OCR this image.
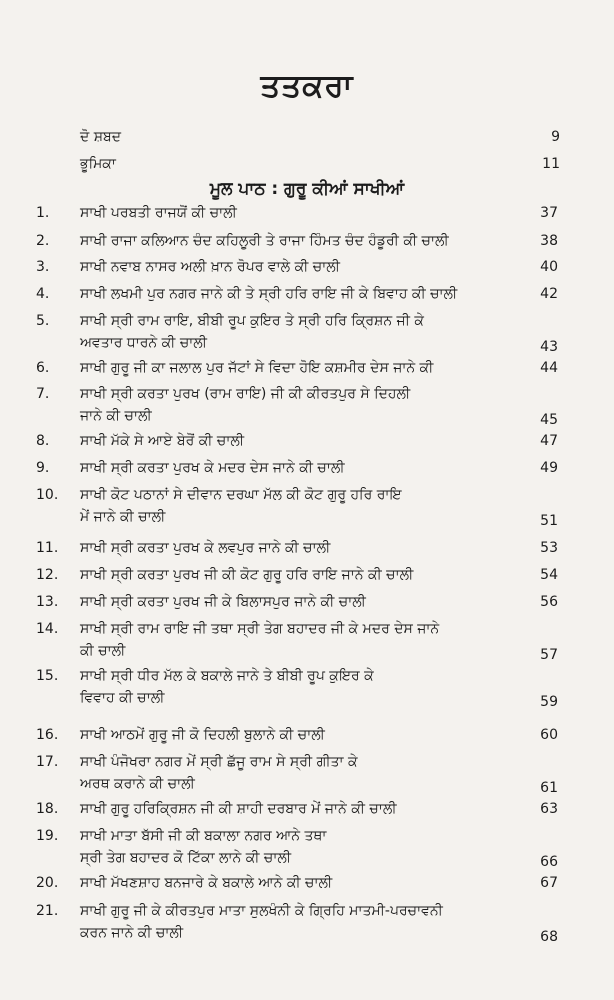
ਤਤਕਰਾ
ਦੋ ਸ਼ਬਦ	9
ਭੂਮਿਕਾ	11
ਮੂਲ ਪਾਠ : ਗੁਰੂ ਕੀਆਂ ਸਾਖੀਆਂ
1. ਸਾਖੀ ਪਰਬਤੀ ਰਾਜਯੋਂ ਕੀ ਚਾਲੀ	37
2. ਸਾਖੀ ਰਾਜਾ ਕਲਿਆਨ ਚੰਦ ਕਹਿਲੂਰੀ ਤੇ ਰਾਜਾ ਹਿੰਮਤ ਚੰਦ ਹੰਡੂਰੀ ਕੀ ਚਾਲੀ	38
3. ਸਾਖੀ ਨਵਾਬ ਨਾਸਰ ਅਲੀ ਖ਼ਾਨ ਰੋਪਰ ਵਾਲੇ ਕੀ ਚਾਲੀ	40
4. ਸਾਖੀ ਲਖਮੀ ਪੁਰ ਨਗਰ ਜਾਨੇ ਕੀ ਤੇ ਸ੍ਰੀ ਹਰਿ ਰਾਇ ਜੀ ਕੇ ਬਿਵਾਹ ਕੀ ਚਾਲੀ	42
5. ਸਾਖੀ ਸ੍ਰੀ ਰਾਮ ਰਾਇ, ਬੀਬੀ ਰੂਪ ਕੁਇਰ ਤੇ ਸ੍ਰੀ ਹਰਿ ਕ੍ਰਿਸ਼ਨ ਜੀ ਕੇ
ਅਵਤਾਰ ਧਾਰਨੇ ਕੀ ਚਾਲੀ	43
6. ਸਾਖੀ ਗੁਰੂ ਜੀ ਕਾ ਜਲਾਲ ਪੁਰ ਜੱਟਾਂ ਸੇ ਵਿਦਾ ਹੋਇ ਕਸ਼ਮੀਰ ਦੇਸ ਜਾਨੇ ਕੀ	44
7. ਸਾਖੀ ਸ੍ਰੀ ਕਰਤਾ ਪੁਰਖ (ਰਾਮ ਰਾਇ) ਜੀ ਕੀ ਕੀਰਤਪੁਰ ਸੇ ਦਿਹਲੀ
ਜਾਨੇ ਕੀ ਚਾਲੀ	45
8. ਸਾਖੀ ਮੱਕੇ ਸੇ ਆਏ ਬੇਰੋਂ ਕੀ ਚਾਲੀ	47
9. ਸਾਖੀ ਸ੍ਰੀ ਕਰਤਾ ਪੁਰਖ ਕੇ ਮਦਰ ਦੇਸ ਜਾਨੇ ਕੀ ਚਾਲੀ	49
10. ਸਾਖੀ ਕੋਟ ਪਠਾਨਾਂ ਸੇ ਦੀਵਾਨ ਦਰਘਾ ਮੱਲ ਕੀ ਕੋਟ ਗੁਰੂ ਹਰਿ ਰਾਇ
ਮੇਂ ਜਾਨੇ ਕੀ ਚਾਲੀ	51
11. ਸਾਖੀ ਸ੍ਰੀ ਕਰਤਾ ਪੁਰਖ ਕੇ ਲਵਪੁਰ ਜਾਨੇ ਕੀ ਚਾਲੀ	53
12. ਸਾਖੀ ਸ੍ਰੀ ਕਰਤਾ ਪੁਰਖ ਜੀ ਕੀ ਕੋਟ ਗੁਰੂ ਹਰਿ ਰਾਇ ਜਾਨੇ ਕੀ ਚਾਲੀ	54
13. ਸਾਖੀ ਸ੍ਰੀ ਕਰਤਾ ਪੁਰਖ ਜੀ ਕੇ ਬਿਲਾਸਪੁਰ ਜਾਨੇ ਕੀ ਚਾਲੀ	56
14. ਸਾਖੀ ਸ੍ਰੀ ਰਾਮ ਰਾਇ ਜੀ ਤਥਾ ਸ੍ਰੀ ਤੇਗ ਬਹਾਦਰ ਜੀ ਕੇ ਮਦਰ ਦੇਸ ਜਾਨੇ
ਕੀ ਚਾਲੀ	57
15. ਸਾਖੀ ਸ੍ਰੀ ਧੀਰ ਮੱਲ ਕੇ ਬਕਾਲੇ ਜਾਨੇ ਤੇ ਬੀਬੀ ਰੂਪ ਕੁਇਰ ਕੇ
ਵਿਵਾਹ ਕੀ ਚਾਲੀ	59
16. ਸਾਖੀ ਆਠਮੇਂ ਗੁਰੂ ਜੀ ਕੋ ਦਿਹਲੀ ਬੁਲਾਨੇ ਕੀ ਚਾਲੀ	60
17. ਸਾਖੀ ਪੰਜੋਖਰਾ ਨਗਰ ਮੇਂ ਸ੍ਰੀ ਛੱਜੂ ਰਾਮ ਸੇ ਸ੍ਰੀ ਗੀਤਾ ਕੇ
ਅਰਥ ਕਰਾਨੇ ਕੀ ਚਾਲੀ	61
18. ਸਾਖੀ ਗੁਰੂ ਹਰਿਕ੍ਰਿਸ਼ਨ ਜੀ ਕੀ ਸ਼ਾਹੀ ਦਰਬਾਰ ਮੇਂ ਜਾਨੇ ਕੀ ਚਾਲੀ	63
19. ਸਾਖੀ ਮਾਤਾ ਬੱਸੀ ਜੀ ਕੀ ਬਕਾਲਾ ਨਗਰ ਆਨੇ ਤਥਾ
ਸ੍ਰੀ ਤੇਗ ਬਹਾਦਰ ਕੋ ਟਿੱਕਾ ਲਾਨੇ ਕੀ ਚਾਲੀ	66
20. ਸਾਖੀ ਮੱਖਣਸ਼ਾਹ ਬਨਜਾਰੇ ਕੇ ਬਕਾਲੇ ਆਨੇ ਕੀ ਚਾਲੀ	67
21. ਸਾਖੀ ਗੁਰੂ ਜੀ ਕੇ ਕੀਰਤਪੁਰ ਮਾਤਾ ਸੁਲਖੰਨੀ ਕੇ ਗ੍ਰਿਹਿ ਮਾਤਮੀ-ਪਰਚਾਵਨੀ
ਕਰਨ ਜਾਨੇ ਕੀ ਚਾਲੀ	68
